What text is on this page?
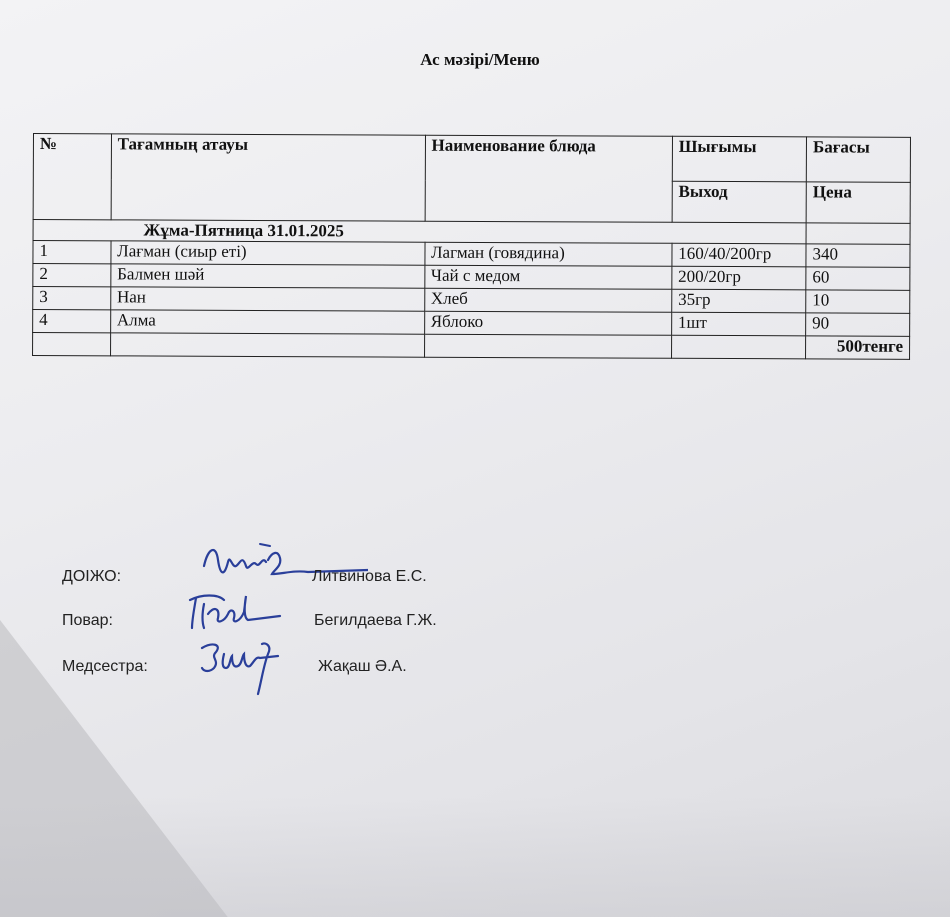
Ас мәзірі/Меню
№	Тағамның атауы	Наименование блюда	Шығымы	Бағасы
			Выход	Цена
Жұма-Пятница 31.01.2025				
1	Лағман (сиыр еті)	Лагман (говядина)	160/40/200гр	340
2	Балмен шәй	Чай с медом	200/20гр	60
3	Нан	Хлеб	35гр	10
4	Алма	Яблоко	1шт	90
				500тенге
ДОІЖО:	Литвинова Е.С.
Повар:	Бегилдаева Г.Ж.
Медсестра:	Жақаш Ә.А.
